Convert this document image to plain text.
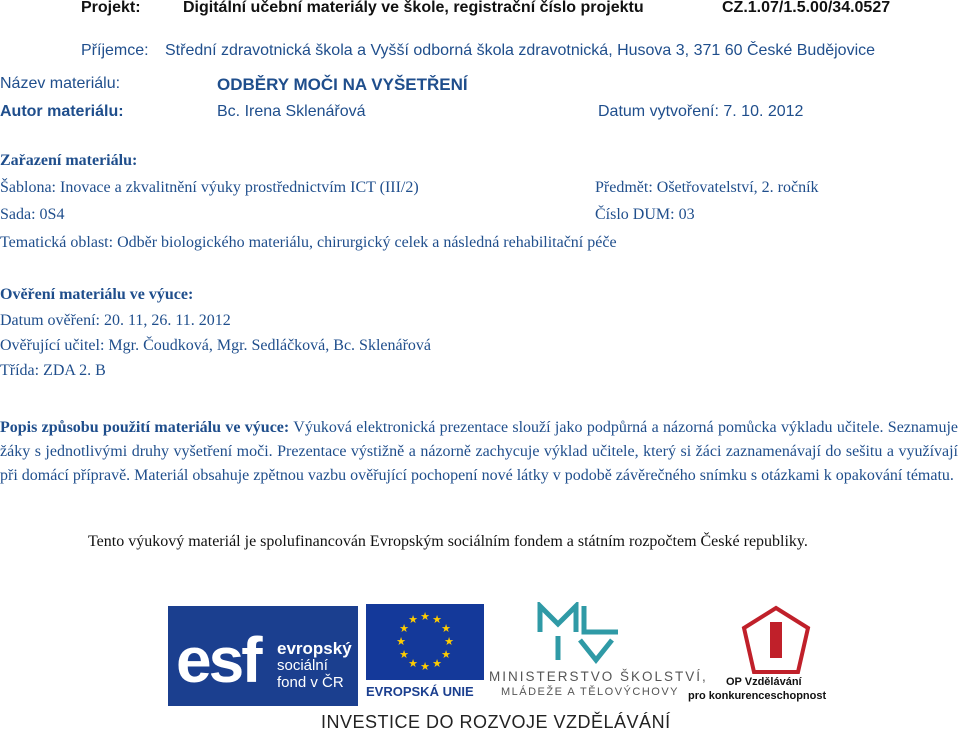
Projekt:	Digitální učební materiály ve škole, registrační číslo projektu	CZ.1.07/1.5.00/34.0527
Příjemce: Střední zdravotnická škola a Vyšší odborná škola zdravotnická, Husova 3, 371 60 České Budějovice
Název materiálu:	ODBĚRY MOČI NA VYŠETŘENÍ
Autor materiálu:	Bc. Irena Sklenářová	Datum vytvoření: 7. 10. 2012
Zařazení materiálu:
Šablona: Inovace a zkvalitnění výuky prostřednictvím ICT (III/2)	Předmět: Ošetřovatelství, 2. ročník
Sada: 0S4	Číslo DUM: 03
Tematická oblast: Odběr biologického materiálu, chirurgický celek a následná rehabilitační péče
Ověření materiálu ve výuce:
Datum ověření: 20. 11, 26. 11. 2012
Ověřující učitel: Mgr. Čoudková, Mgr. Sedláčková, Bc. Sklenářová
Třída: ZDA 2. B
Popis způsobu použití materiálu ve výuce: Výuková elektronická prezentace slouží jako podpůrná a názorná pomůcka výkladu učitele. Seznamuje žáky s jednotlivými druhy vyšetření moči. Prezentace výstižně a názorně zachycuje výklad učitele, který si žáci zaznamenávají do sešitu a využívají při domácí přípravě. Materiál obsahuje zpětnou vazbu ověřující pochopení nové látky v podobě závěrečného snímku s otázkami k opakování tématu.
Tento výukový materiál je spolufinancován Evropským sociálním fondem a státním rozpočtem České republiky.
esf evropský
sociální
fond v ČR
★ ★
★
★
★
★
★
★
★
★
★
★
EVROPSKÁ UNIE
MINISTERSTVO ŠKOLSTVÍ,
MLÁDEŽE A TĚLOVÝCHOVY
OP Vzdělávání
pro konkurenceschopnost
INVESTICE DO ROZVOJE VZDĚLÁVÁNÍ
